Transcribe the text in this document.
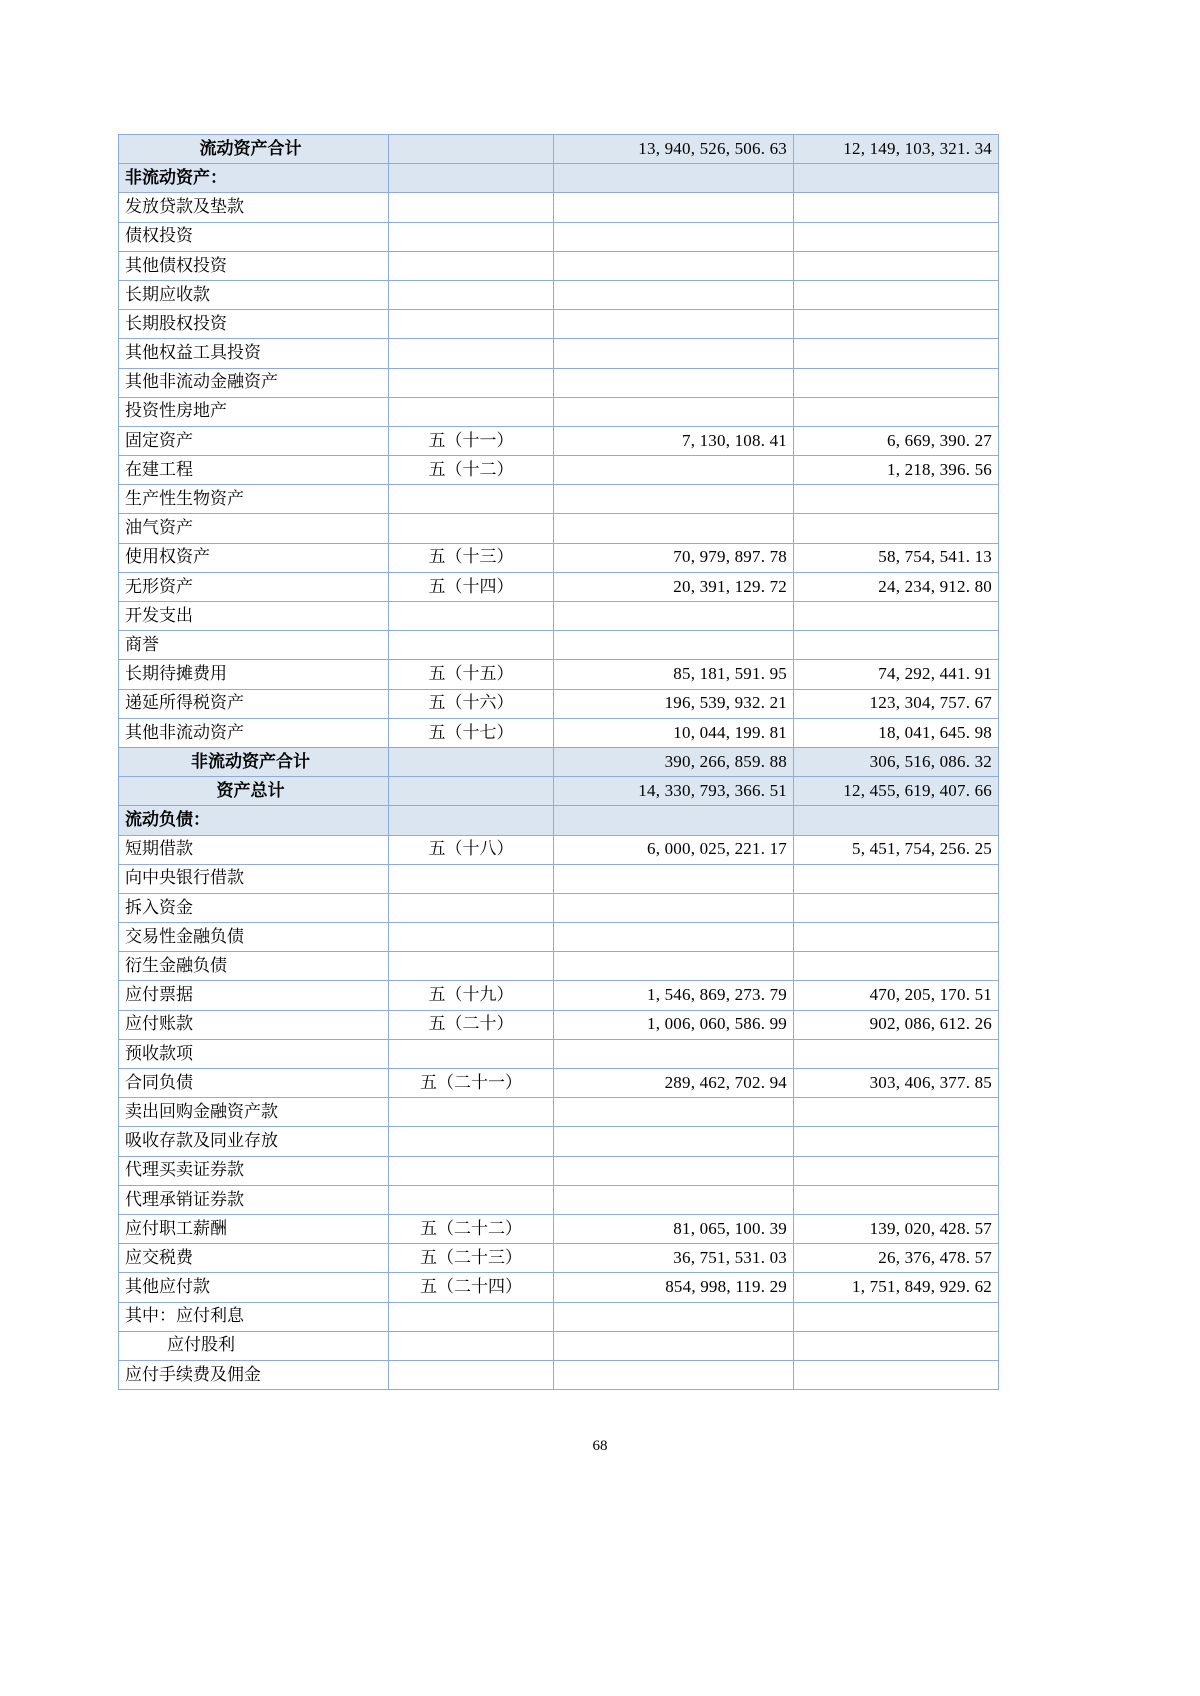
流动资产合计		13, 940, 526, 506. 63	12, 149, 103, 321. 34
非流动资产：			
发放贷款及垫款			
债权投资			
其他债权投资			
长期应收款			
长期股权投资			
其他权益工具投资			
其他非流动金融资产			
投资性房地产			
固定资产	五（十一）	7, 130, 108. 41	6, 669, 390. 27
在建工程	五（十二）		1, 218, 396. 56
生产性生物资产			
油气资产			
使用权资产	五（十三）	70, 979, 897. 78	58, 754, 541. 13
无形资产	五（十四）	20, 391, 129. 72	24, 234, 912. 80
开发支出			
商誉			
长期待摊费用	五（十五）	85, 181, 591. 95	74, 292, 441. 91
递延所得税资产	五（十六）	196, 539, 932. 21	123, 304, 757. 67
其他非流动资产	五（十七）	10, 044, 199. 81	18, 041, 645. 98
非流动资产合计		390, 266, 859. 88	306, 516, 086. 32
资产总计		14, 330, 793, 366. 51	12, 455, 619, 407. 66
流动负债：			
短期借款	五（十八）	6, 000, 025, 221. 17	5, 451, 754, 256. 25
向中央银行借款			
拆入资金			
交易性金融负债			
衍生金融负债			
应付票据	五（十九）	1, 546, 869, 273. 79	470, 205, 170. 51
应付账款	五（二十）	1, 006, 060, 586. 99	902, 086, 612. 26
预收款项			
合同负债	五（二十一）	289, 462, 702. 94	303, 406, 377. 85
卖出回购金融资产款			
吸收存款及同业存放			
代理买卖证券款			
代理承销证券款			
应付职工薪酬	五（二十二）	81, 065, 100. 39	139, 020, 428. 57
应交税费	五（二十三）	36, 751, 531. 03	26, 376, 478. 57
其他应付款	五（二十四）	854, 998, 119. 29	1, 751, 849, 929. 62
其中：应付利息			
应付股利			
应付手续费及佣金			
68
